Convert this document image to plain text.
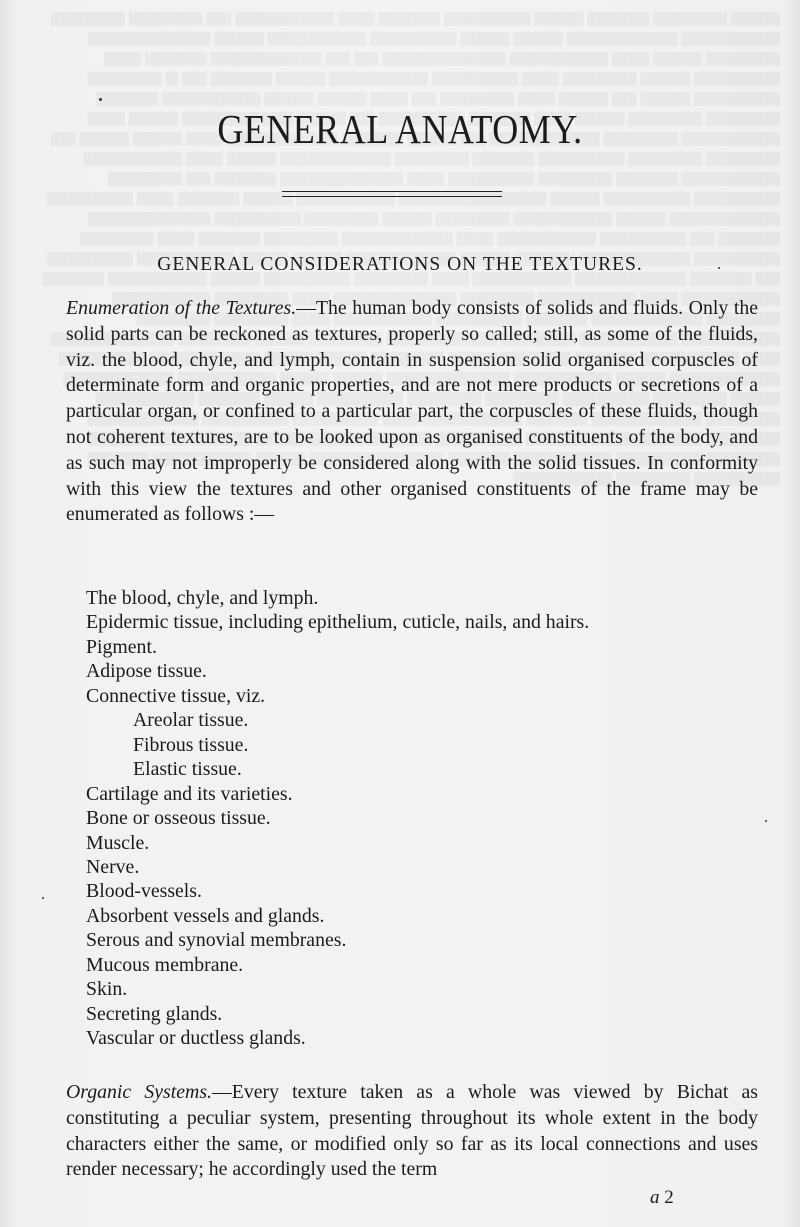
GENERAL ANATOMY.
GENERAL CONSIDERATIONS ON THE TEXTURES.

Enumeration of the Textures.—The human body consists of solids and fluids. Only the solid parts can be reckoned as textures, properly so called; still, as some of the fluids, viz. the blood, chyle, and lymph, contain in suspension solid organised corpuscles of determinate form and organic properties, and are not mere products or secretions of a particular organ, or confined to a particular part, the corpuscles of these fluids, though not coherent textures, are to be looked upon as organised constituents of the body, and as such may not improperly be considered along with the solid tissues. In conformity with this view the textures and other organised constituents of the frame may be enumerated as follows :—

The blood, chyle, and lymph.
Epidermic tissue, including epithelium, cuticle, nails, and hairs.
Pigment.
Adipose tissue.
Connective tissue, viz.
Areolar tissue.
Fibrous tissue.
Elastic tissue.
Cartilage and its varieties.
Bone or osseous tissue.
Muscle.
Nerve.
Blood-vessels.
Absorbent vessels and glands.
Serous and synovial membranes.
Mucous membrane.
Skin.
Secreting glands.
Vascular or ductless glands.

Organic Systems.—Every texture taken as a whole was viewed by Bichat as constituting a peculiar system, presenting throughout its whole extent in the body characters either the same, or modified only so far as its local connections and uses render necessary; he accordingly used the term

a 2
